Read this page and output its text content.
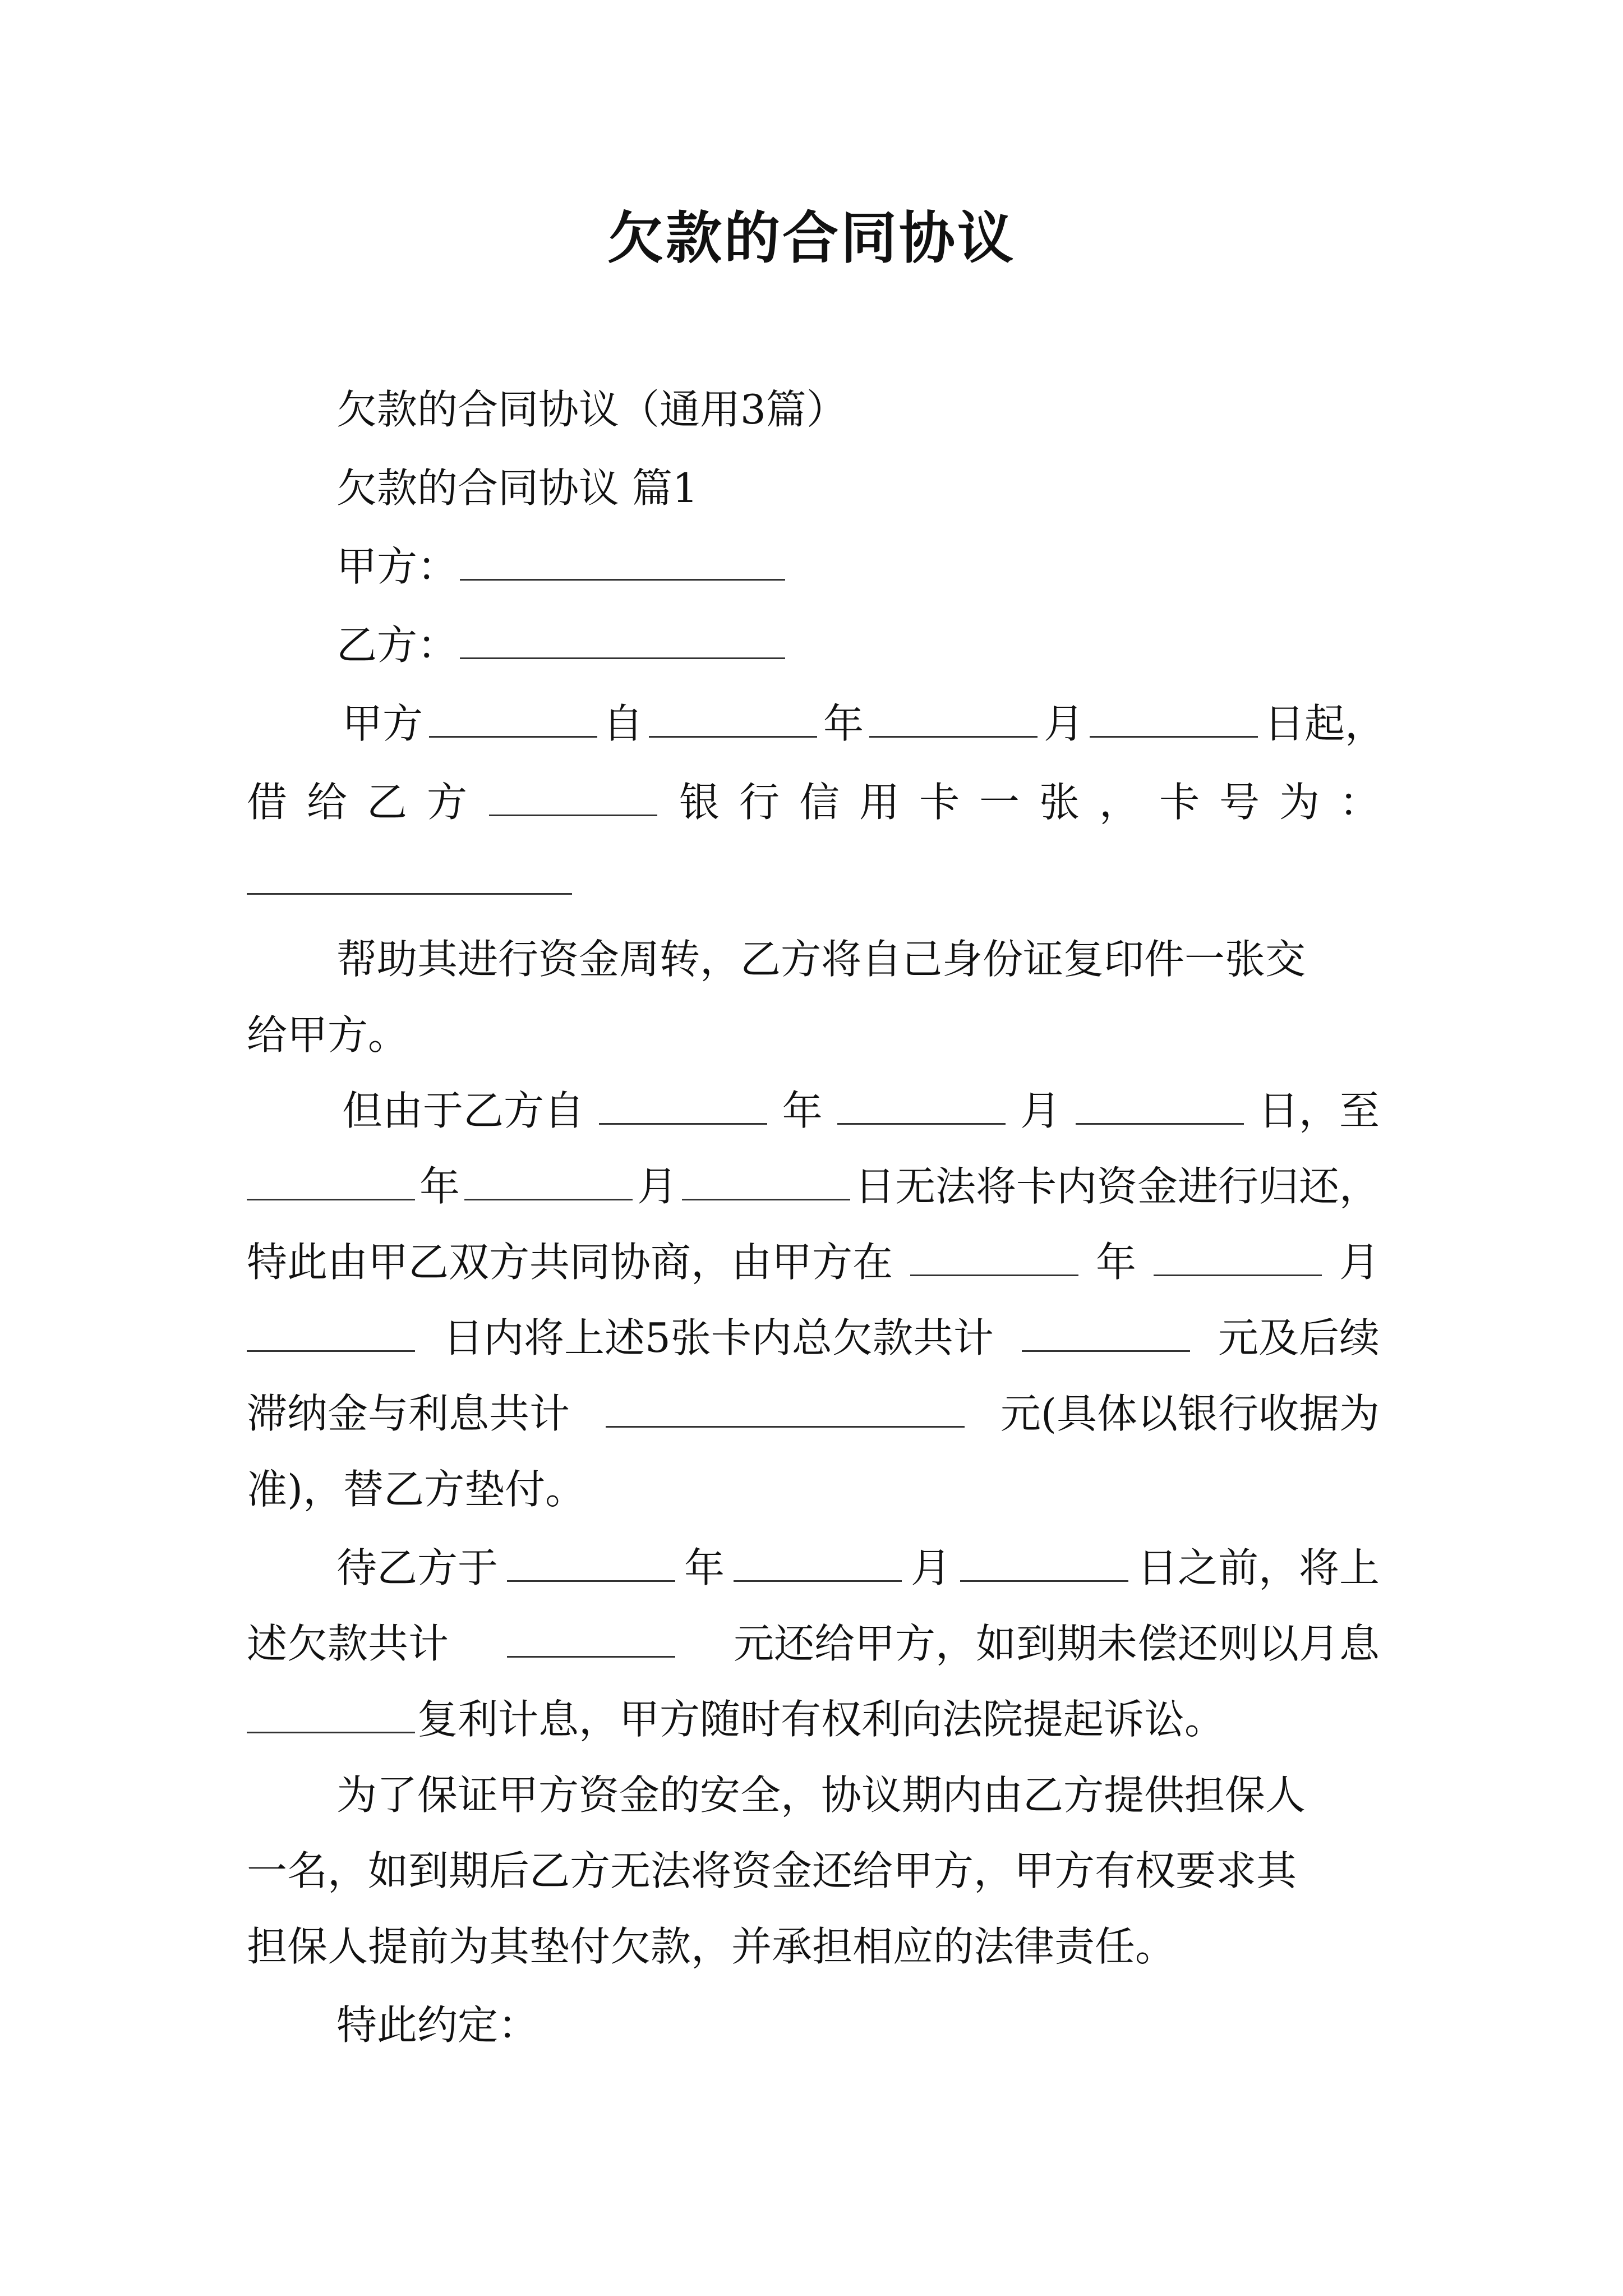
欠款的合同协议
欠款的合同协议（通用3篇）
欠款的合同协议 篇1
甲方：
乙方：
甲方	自	年	月	日起，
借 给 乙 方	银 行 信 用 卡 一 张 ， 卡 号 为 ：
帮助其进行资金周转，乙方将自己身份证复印件一张交
给甲方。
但由于乙方自	年	月	日，至
年	月	日无法将卡内资金进行归还，
特此由甲乙双方共同协商，由甲方在	年	月
日内将上述5张卡内总欠款共计	元及后续
滞纳金与利息共计	元(具体以银行收据为
准)，替乙方垫付。
待乙方于	年	月	日之前，将上
述欠款共计	元还给甲方，如到期未偿还则以月息
复利计息，甲方随时有权利向法院提起诉讼。
为了保证甲方资金的安全，协议期内由乙方提供担保人
一名，如到期后乙方无法将资金还给甲方，甲方有权要求其
担保人提前为其垫付欠款，并承担相应的法律责任。
特此约定：
